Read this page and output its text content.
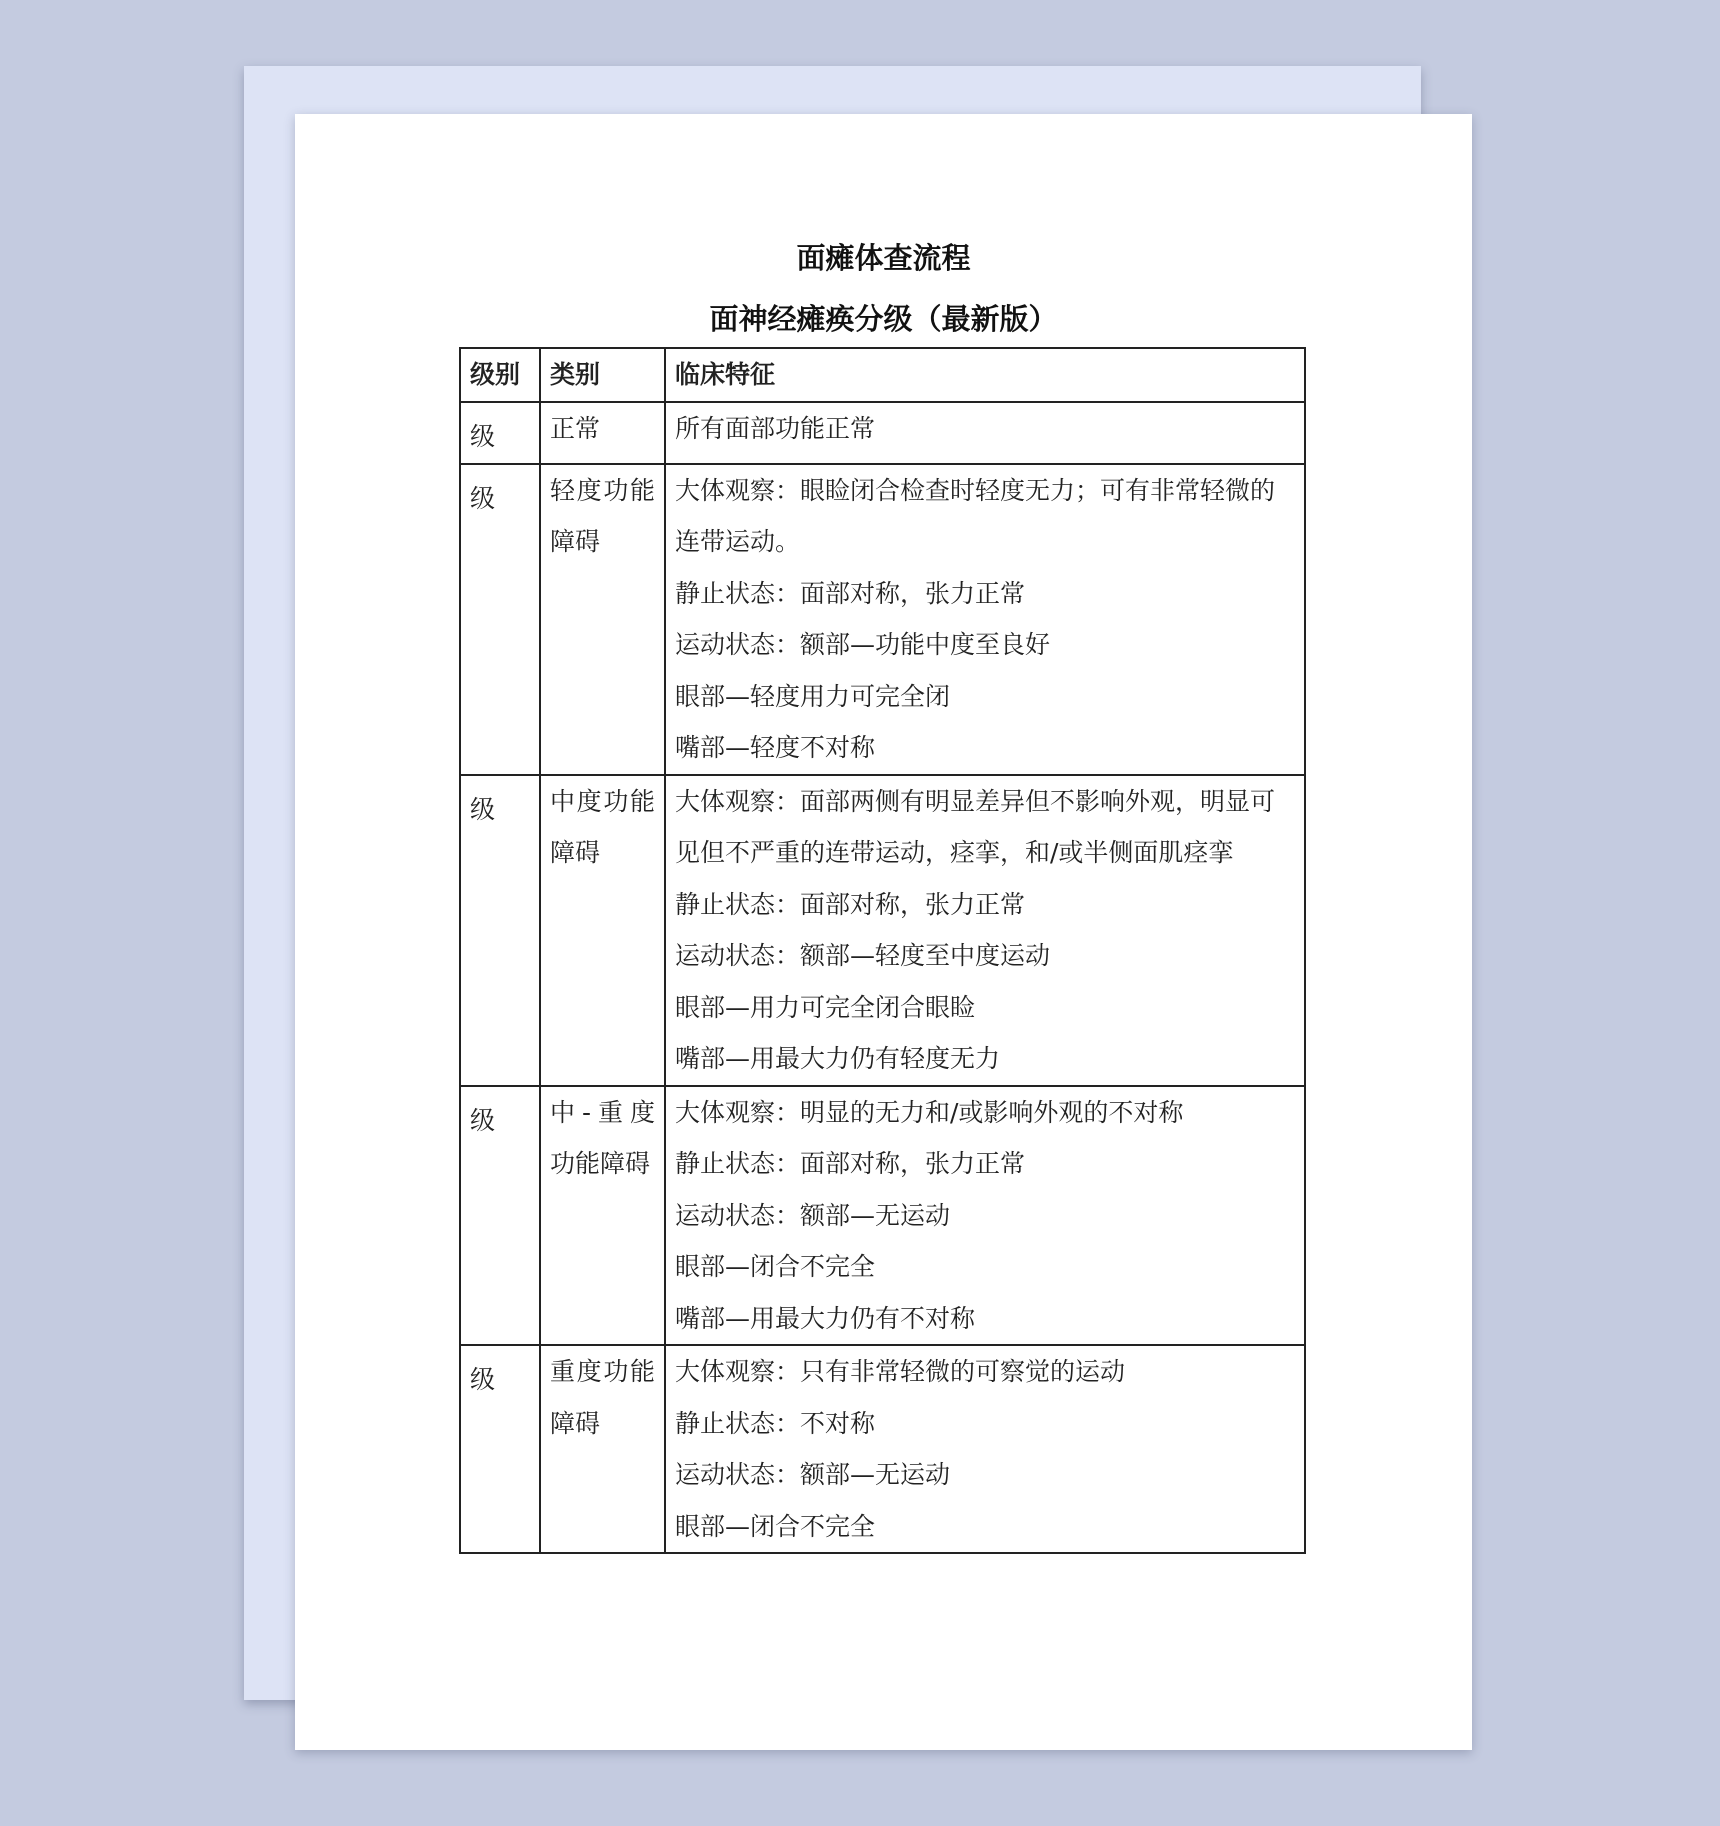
面瘫体查流程
面神经瘫痪分级（最新版）
级别	类别	临床特征
级	正常	所有面部功能正常

级	轻度功能障碍	大体观察：眼睑闭合检查时轻度无力；可有非常轻微的连带运动。
静止状态：面部对称，张力正常
运动状态：额部—功能中度至良好
眼部—轻度用力可完全闭
嘴部—轻度不对称

级	中度功能障碍	大体观察：面部两侧有明显差异但不影响外观，明显可见但不严重的连带运动，痉挛，和/或半侧面肌痉挛
静止状态：面部对称，张力正常
运动状态：额部—轻度至中度运动
眼部—用力可完全闭合眼睑
嘴部—用最大力仍有轻度无力

级	中-重度功能障碍	大体观察：明显的无力和/或影响外观的不对称
静止状态：面部对称，张力正常
运动状态：额部—无运动
眼部—闭合不完全
嘴部—用最大力仍有不对称

级	重度功能障碍	大体观察：只有非常轻微的可察觉的运动
静止状态：不对称
运动状态：额部—无运动
眼部—闭合不完全
